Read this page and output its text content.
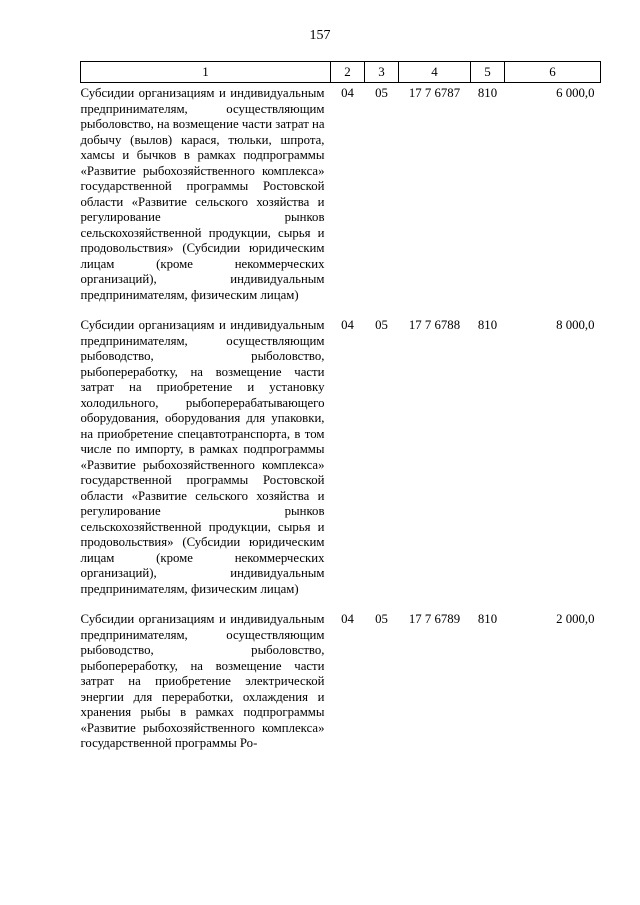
157
1	2	3	4	5	6
Субсидии организациям и индивидуальным предпринимателям, осуществляющим рыболовство, на возмещение части затрат на добычу (вылов) карася, тюльки, шпрота, хамсы и бычков в рамках подпрограммы «Развитие рыбохозяйственного комплекса» государственной программы Ростовской области «Развитие сельского хозяйства и регулирование рынков сельскохозяйственной продукции, сырья и продовольствия» (Субсидии юридическим лицам (кроме некоммерческих организаций), индивидуальным предпринимателям, физическим лицам)	04	05	17 7 6787	810	6 000,0
Субсидии организациям и индивидуальным предпринимателям, осуществляющим рыбоводство, рыболовство, рыбопереработку, на возмещение части затрат на приобретение и установку холодильного, рыбоперерабатывающего оборудования, оборудования для упаковки, на приобретение спецавтотранспорта, в том числе по импорту, в рамках подпрограммы «Развитие рыбохозяйственного комплекса» государственной программы Ростовской области «Развитие сельского хозяйства и регулирование рынков сельскохозяйственной продукции, сырья и продовольствия» (Субсидии юридическим лицам (кроме некоммерческих организаций), индивидуальным предпринимателям, физическим лицам)	04	05	17 7 6788	810	8 000,0
Субсидии организациям и индивидуальным предпринимателям, осуществляющим рыбоводство, рыболовство, рыбопереработку, на возмещение части затрат на приобретение электрической энергии для переработки, охлаждения и хранения рыбы в рамках подпрограммы «Развитие рыбохозяйственного комплекса» государственной программы Ро-	04	05	17 7 6789	810	2 000,0
